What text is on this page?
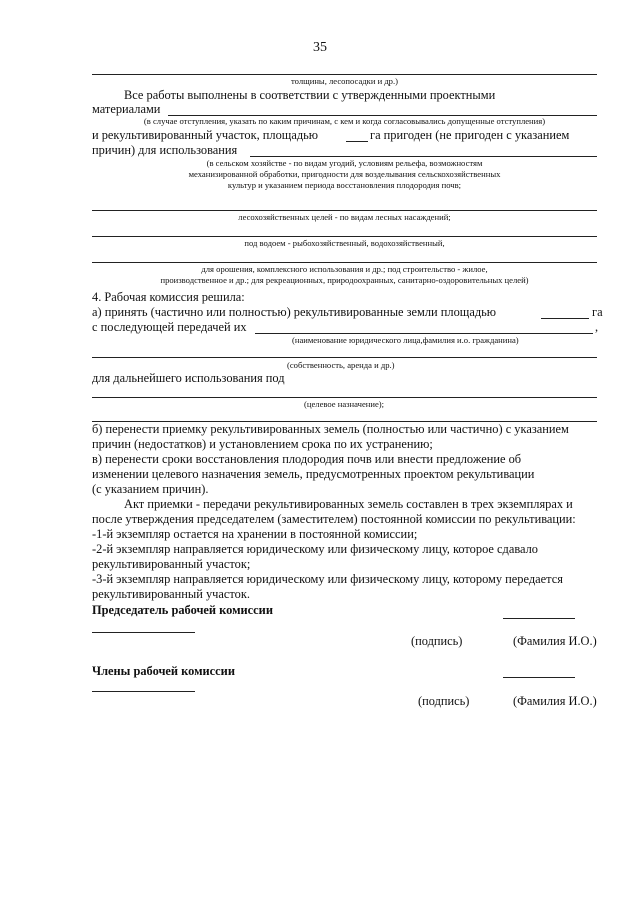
35
толщины, лесопосадки и др.)
Все работы выполнены в соответствии с утвержденными проектными
материалами
(в случае отступления, указать по каким причинам, с кем и когда согласовывались допущенные отступления)
и рекультивированный участок, площадью	га пригоден (не пригоден с указанием
причин) для использования
(в сельском хозяйстве - по видам угодий, условиям рельефа, возможностям
механизированной обработки, пригодности для возделывания сельскохозяйственных
культур и указанием периода восстановления плодородия почв;
лесохозяйственных целей - по видам лесных насаждений;
под водоем - рыбохозяйственный, водохозяйственный,
для орошения, комплексного использования и др.; под строительство - жилое,
производственное и др.; для рекреационных, природоохранных, санитарно-оздоровительных целей)
4. Рабочая комиссия решила:
а) принять (частично или полностью) рекультивированные земли площадью	га
с последующей передачей их	,
(наименование юридического лица,фамилия и.о. гражданина)
(собственность, аренда и др.)
для дальнейшего использования под
(целевое назначение);
б) перенести приемку рекультивированных земель (полностью или частично) с указанием
причин (недостатков) и установлением срока по их устранению;
в) перенести сроки восстановления плодородия почв или внести предложение об
изменении целевого назначения земель, предусмотренных проектом рекультивации
(с указанием причин).
Акт приемки - передачи рекультивированных земель составлен в трех экземплярах и
после утверждения председателем (заместителем) постоянной комиссии по рекультивации:
-1-й экземпляр остается на хранении в постоянной комиссии;
-2-й экземпляр направляется юридическому или физическому лицу, которое сдавало
рекультивированный участок;
-3-й экземпляр направляется юридическому или физическому лицу, которому передается
рекультивированный участок.
Председатель рабочей комиссии
(подпись)	(Фамилия И.О.)
Члены рабочей комиссии
(подпись)	(Фамилия И.О.)
